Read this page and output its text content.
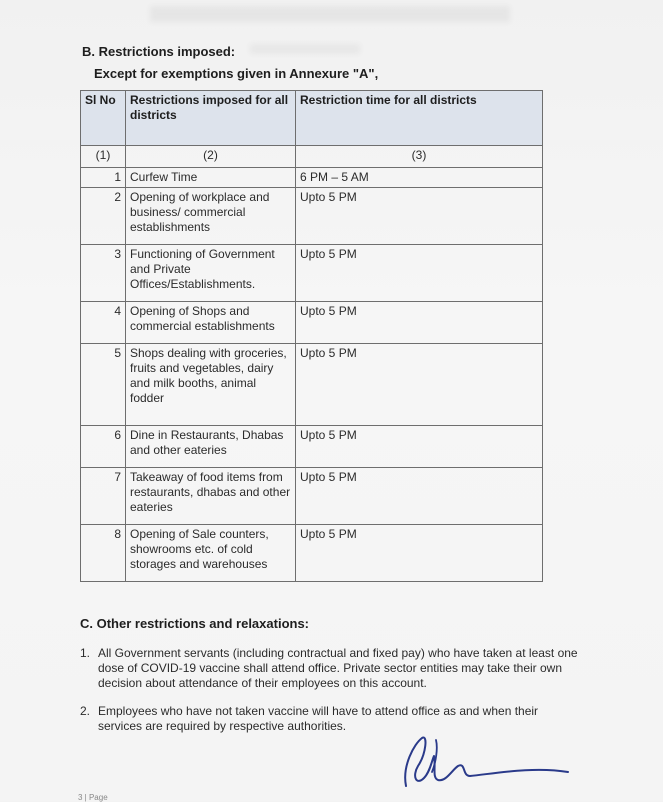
B. Restrictions imposed:
Except for exemptions given in Annexure "A",
Sl No	Restrictions imposed for all districts	Restriction time for all districts
(1)	(2)	(3)
1	Curfew Time	6 PM – 5 AM
2	Opening of workplace and business/ commercial establishments	Upto 5 PM
3	Functioning of Government and Private Offices/Establishments.	Upto 5 PM
4	Opening of Shops and commercial establishments	Upto 5 PM
5	Shops dealing with groceries, fruits and vegetables, dairy and milk booths, animal fodder	Upto 5 PM
6	Dine in Restaurants, Dhabas and other eateries	Upto 5 PM
7	Takeaway of food items from restaurants, dhabas and other eateries	Upto 5 PM
8	Opening of Sale counters, showrooms etc. of cold storages and warehouses	Upto 5 PM
C. Other restrictions and relaxations:
1. All Government servants (including contractual and fixed pay) who have taken at least one dose of COVID-19 vaccine shall attend office. Private sector entities may take their own decision about attendance of their employees on this account.
2. Employees who have not taken vaccine will have to attend office as and when their services are required by respective authorities.
3 | Page
